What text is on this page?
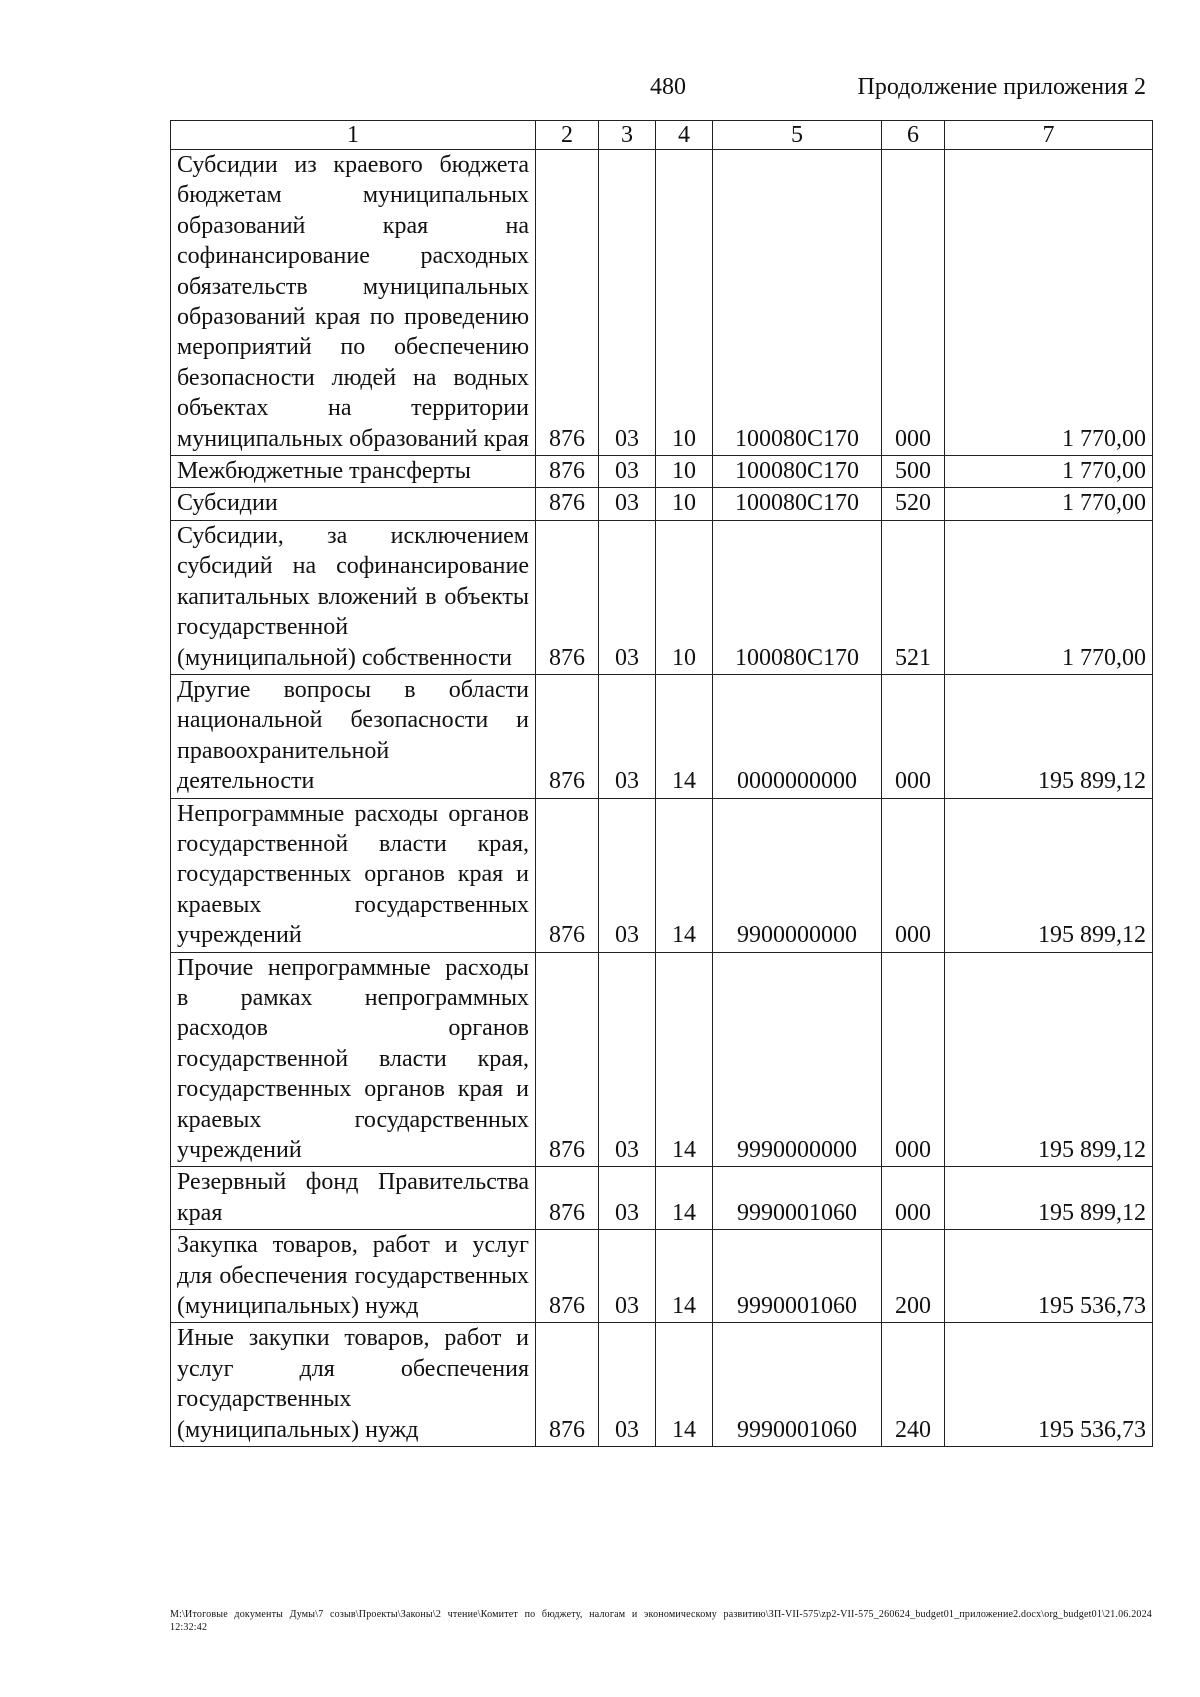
480	Продолжение приложения 2
1	2	3	4	5	6	7
Субсидии из краевого бюджета бюджетам муниципальных образований края на софинансирование расходных обязательств муниципальных образований края по проведению мероприятий по обеспечению безопасности людей на водных объектах на территории муниципальных образований края	876	03	10	100080С170	000	1 770,00
Межбюджетные трансферты	876	03	10	100080С170	500	1 770,00
Субсидии	876	03	10	100080С170	520	1 770,00
Субсидии, за исключением субсидий на софинансирование капитальных вложений в объекты государственной (муниципальной) собственности	876	03	10	100080С170	521	1 770,00
Другие вопросы в области национальной безопасности и правоохранительной деятельности	876	03	14	0000000000	000	195 899,12
Непрограммные расходы органов государственной власти края, государственных органов края и краевых государственных учреждений	876	03	14	9900000000	000	195 899,12
Прочие непрограммные расходы в рамках непрограммных расходов органов государственной власти края, государственных органов края и краевых государственных учреждений	876	03	14	9990000000	000	195 899,12
Резервный фонд Правительства края	876	03	14	9990001060	000	195 899,12
Закупка товаров, работ и услуг для обеспечения государственных (муниципальных) нужд	876	03	14	9990001060	200	195 536,73
Иные закупки товаров, работ и услуг для обеспечения государственных (муниципальных) нужд	876	03	14	9990001060	240	195 536,73
M:\Итоговые документы Думы\7 созыв\Проекты\Законы\2 чтение\Комитет по бюджету, налогам и экономическому развитию\ЗП-VII-575\zp2-VII-575_260624_budget01_приложение2.docx\org_budget01\21.06.2024 12:32:42
